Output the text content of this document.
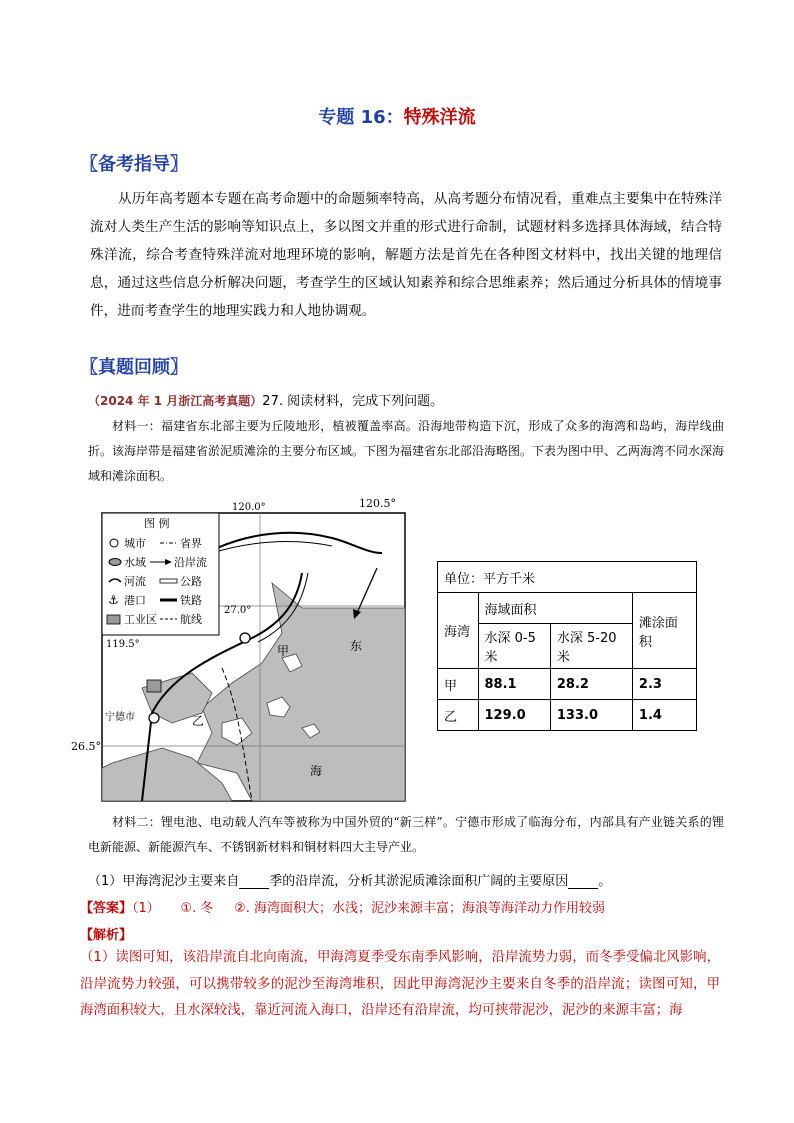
专题 16：特殊洋流
〖备考指导〗
从历年高考题本专题在高考命题中的命题频率特高，从高考题分布情况看，重难点主要集中在特殊洋流对人类生产生活的影响等知识点上，多以图文并重的形式进行命制，试题材料多选择具体海域，结合特殊洋流，综合考查特殊洋流对地理环境的影响，解题方法是首先在各种图文材料中，找出关键的地理信息，通过这些信息分析解决问题，考查学生的区域认知素养和综合思维素养；然后通过分析具体的情境事件，进而考查学生的地理实践力和人地协调观。
〖真题回顾〗
（2024 年 1 月浙江高考真题）27. 阅读材料，完成下列问题。
材料一：福建省东北部主要为丘陵地形，植被覆盖率高。沿海地带构造下沉，形成了众多的海湾和岛屿，海岸线曲折。该海岸带是福建省淤泥质滩涂的主要分布区域。下图为福建省东北部沿海略图。下表为图中甲、乙两海湾不同水深海域和滩涂面积。
图 例
城市	省界
水域	沿岸流
河流	公路
⚓ 港口	铁路
工业区 航线
120.0°
27.0°
119.5°	甲	东
乙
海
宁德市
120.5°
26.5°
单位：平方千米			
海湾	海域面积		滩涂面积
	水深 0-5 米	水深 5-20 米	
甲	88.1	28.2	2.3
乙	129.0	133.0	1.4
材料二：锂电池、电动载人汽车等被称为中国外贸的“新三样”。宁德市形成了临海分布，内部具有产业链关系的锂电新能源、新能源汽车、不锈钢新材料和铜材料四大主导产业。
（1）甲海湾泥沙主要来自 季的沿岸流，分析其淤泥质滩涂面积广阔的主要原因 。
【答案】（1） ①. 冬 ②. 海湾面积大；水浅；泥沙来源丰富；海浪等海洋动力作用较弱
【解析】
（1）读图可知，该沿岸流自北向南流，甲海湾夏季受东南季风影响，沿岸流势力弱，而冬季受偏北风影响，沿岸流势力较强，可以携带较多的泥沙至海湾堆积，因此甲海湾泥沙主要来自冬季的沿岸流；读图可知，甲海湾面积较大，且水深较浅，靠近河流入海口，沿岸还有沿岸流，均可挟带泥沙，泥沙的来源丰富；海
